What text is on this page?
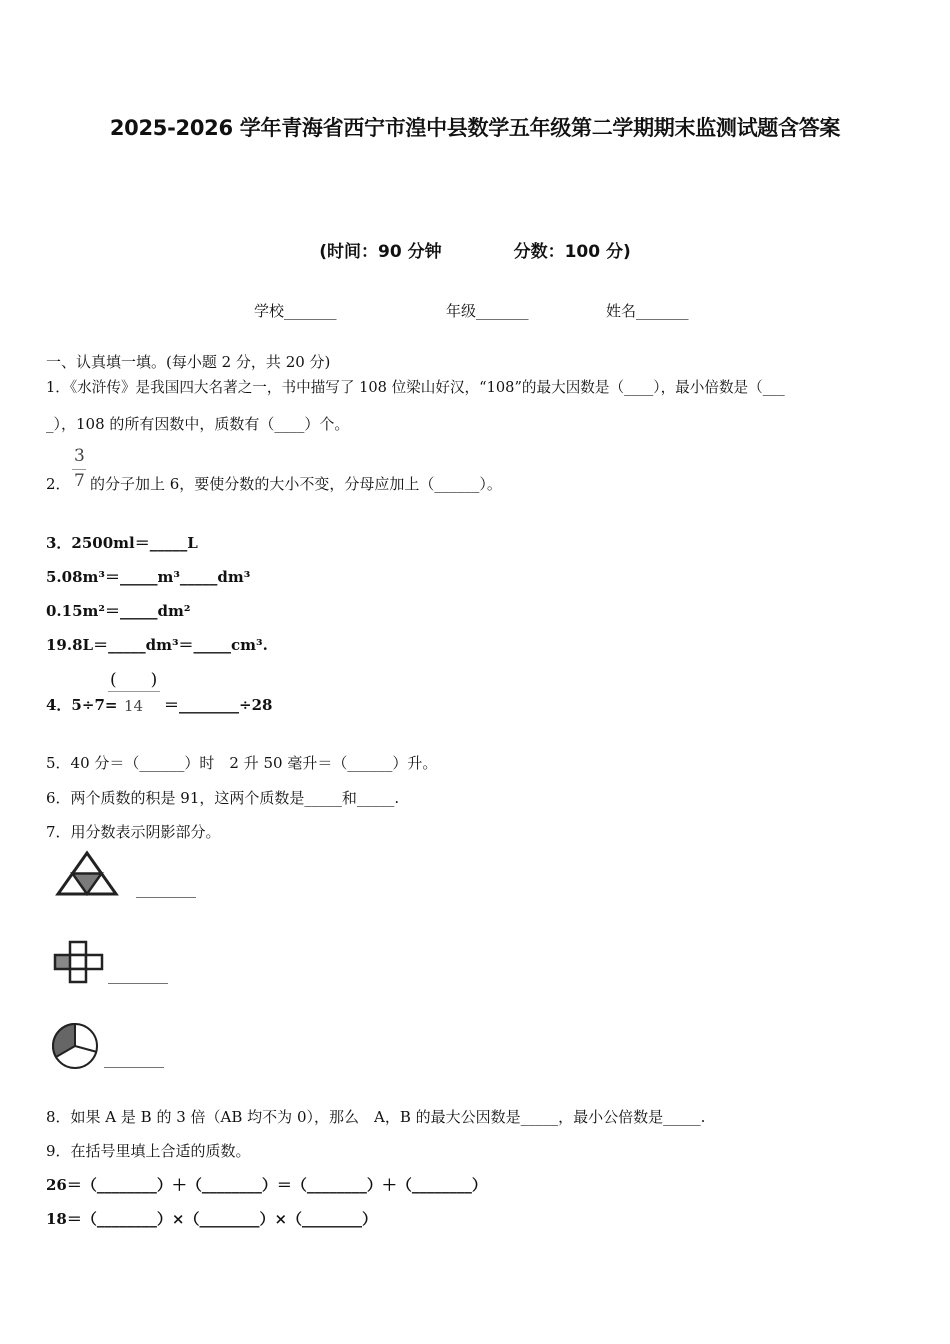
2025-2026 学年青海省西宁市湟中县数学五年级第二学期期末监测试题含答案
(时间：90 分钟	分数：100 分)
学校_______	年级_______	姓名_______
一、认真填一填。(每小题 2 分，共 20 分)
1．《水浒传》是我国四大名著之一，书中描写了 108 位梁山好汉，“108”的最大因数是（____），最小倍数是（___
_），108 的所有因数中，质数有（____）个。
2．
3
7 的分子加上 6，要使分数的大小不变，分母应加上（______）。
3．2500ml＝_____L
5.08m³＝_____m³_____dm³
0.15m²＝_____dm²
19.8L＝_____dm³＝_____cm³.
4．5÷7=
(　　)
14 ＝________÷28
5．40 分＝（______）时　2 升 50 毫升＝（______）升。
6．两个质数的积是 91，这两个质数是_____和_____.
7．用分数表示阴影部分。
________
________
________
8．如果 A 是 B 的 3 倍（AB 均不为 0），那么　A，B 的最大公因数是_____，最小公倍数是_____.
9．在括号里填上合适的质数。
26＝（________）＋（________）＝（________）＋（________）
18＝（________）×（________）×（________）
